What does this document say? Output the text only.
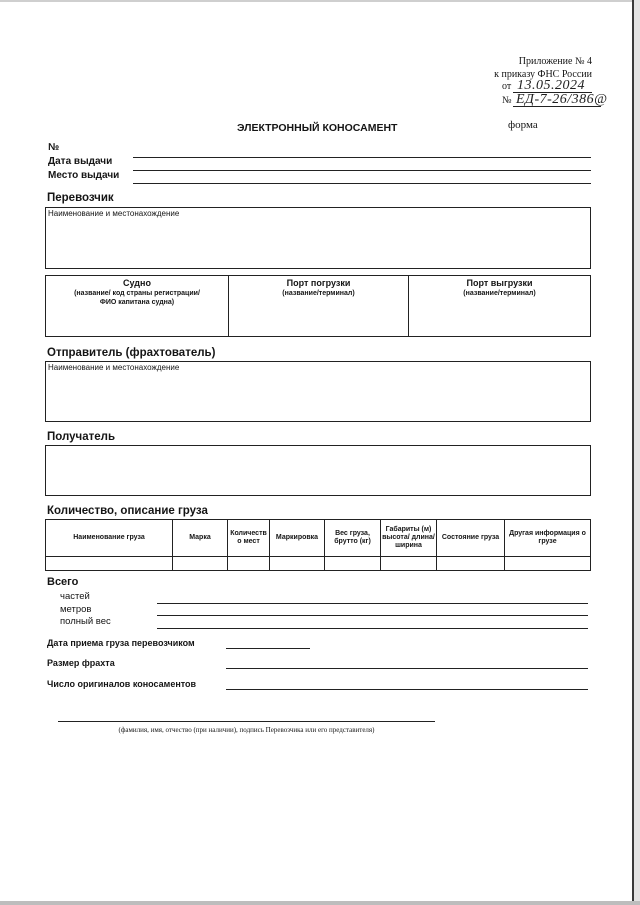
Приложение № 4
к приказу ФНС России
от 13.05.2024
№ ЕД-7-26/386@
ЭЛЕКТРОННЫЙ КОНОСАМЕНТ	форма
№
Дата выдачи
Место выдачи
Перевозчик
Наименование и местонахождение
Судно
(название/ код страны регистрации/
ФИО капитана судна)
Порт погрузки
(название/терминал)
Порт выгрузки
(название/терминал)
Отправитель (фрахтователь)
Наименование и местонахождение
Получатель
Количество, описание груза
Наименование груза	Марка	Количество мест	Маркировка	Вес груза, брутто (кг)	Габариты (м) высота/ длина/ширина	Состояние груза	Другая информация о грузе

Всего
частей
метров
полный вес
Дата приема груза перевозчиком
Размер фрахта
Число оригиналов коносаментов
(фамилия, имя, отчество (при наличии), подпись Перевозчика или его представителя)
